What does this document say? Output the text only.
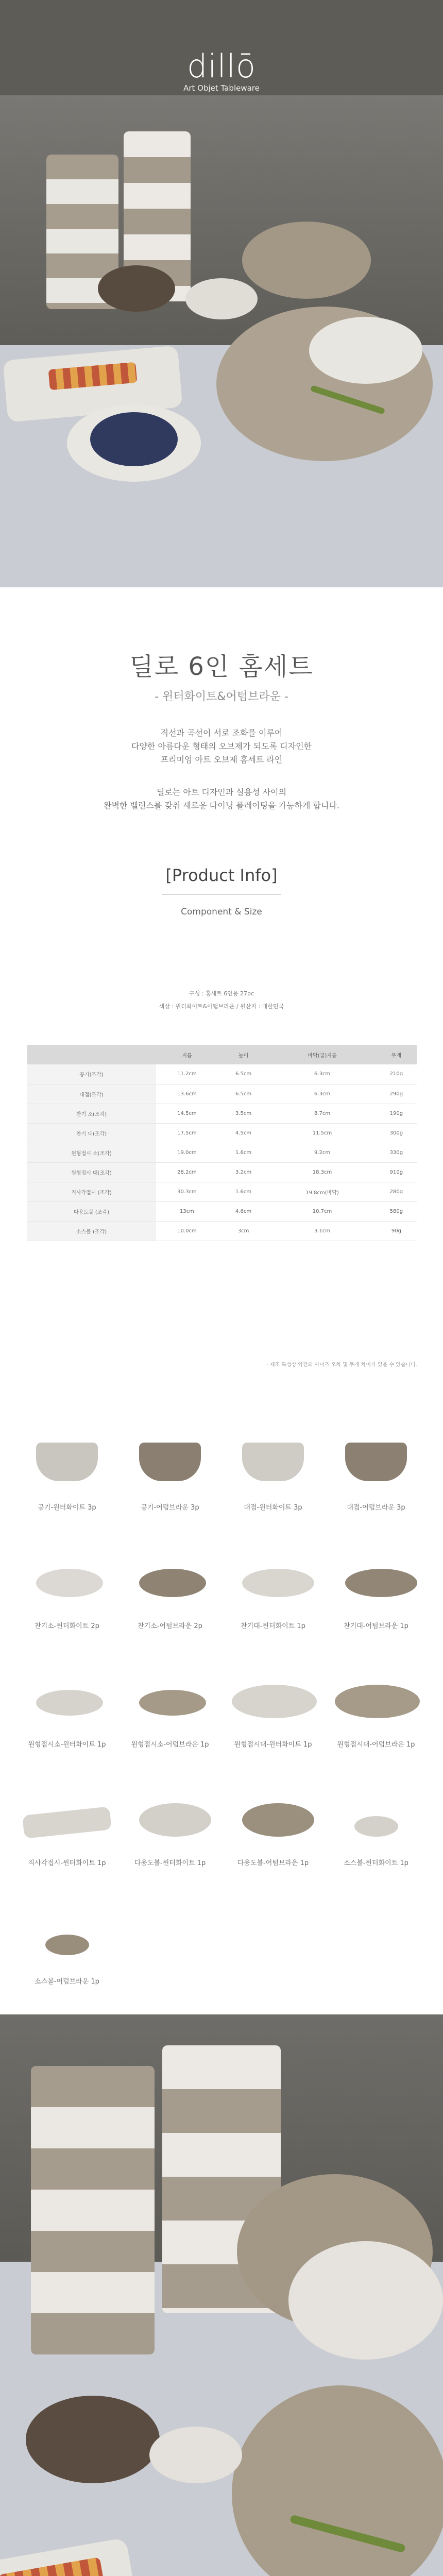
dillō
Art Objet Tableware
딜로 6인 홈세트
- 윈터화이트&어텀브라운 -
직선과 곡선이 서로 조화를 이루어
다양한 아름다운 형태의 오브제가 되도록 디자인한
프리미엄 아트 오브제 홈세트 라인
딜로는 아트 디자인과 실용성 사이의
완벽한 밸런스를 갖춰 새로운 다이닝 플레이팅을 가능하게 합니다.
[Product Info]
Component & Size
구성 : 홈세트 6인용 27pc
색상 : 윈터화이트&어텀브라운 / 원산지 : 대한민국
	지름	높이	바닥(굽)지름	무게
공기(조각)	11.2cm	6.5cm	6.3cm	210g
대접(조각)	13.6cm	6.5cm	6.3cm	290g
찬기 소(조각)	14.5cm	3.5cm	8.7cm	190g
찬기 대(조각)	17.5cm	4.5cm	11.5cm	300g
원형접시 소(조각)	19.0cm	1.6cm	9.2cm	330g
원형접시 대(조각)	28.2cm	3.2cm	18.3cm	910g
직사각접시 (조각)	30.3cm	1.6cm	19.8cm(바닥)	280g
다용도볼 (조각)	13cm	4.6cm	10.7cm	580g
소스볼 (조각)	10.0cm	3cm	3.1cm	90g
- 제조 특성상 약간의 사이즈 오차 및 무게 차이가 있을 수 있습니다.
공기-윈터화이트 3p	공기-어텀브라운 3p	대접-윈터화이트 3p	대접-어텀브라운 3p
찬기소-윈터화이트 2p	찬기소-어텀브라운 2p	찬기대-윈터화이트 1p	찬기대-어텀브라운 1p
원형접시소-윈터화이트 1p	원형접시소-어텀브라운 1p	원형접시대-윈터화이트 1p	원형접시대-어텀브라운 1p
직사각접시-윈터화이트 1p	다용도볼-윈터화이트 1p	다용도볼-어텀브라운 1p	소스볼-윈터화이트 1p
소스볼-어텀브라운 1p
